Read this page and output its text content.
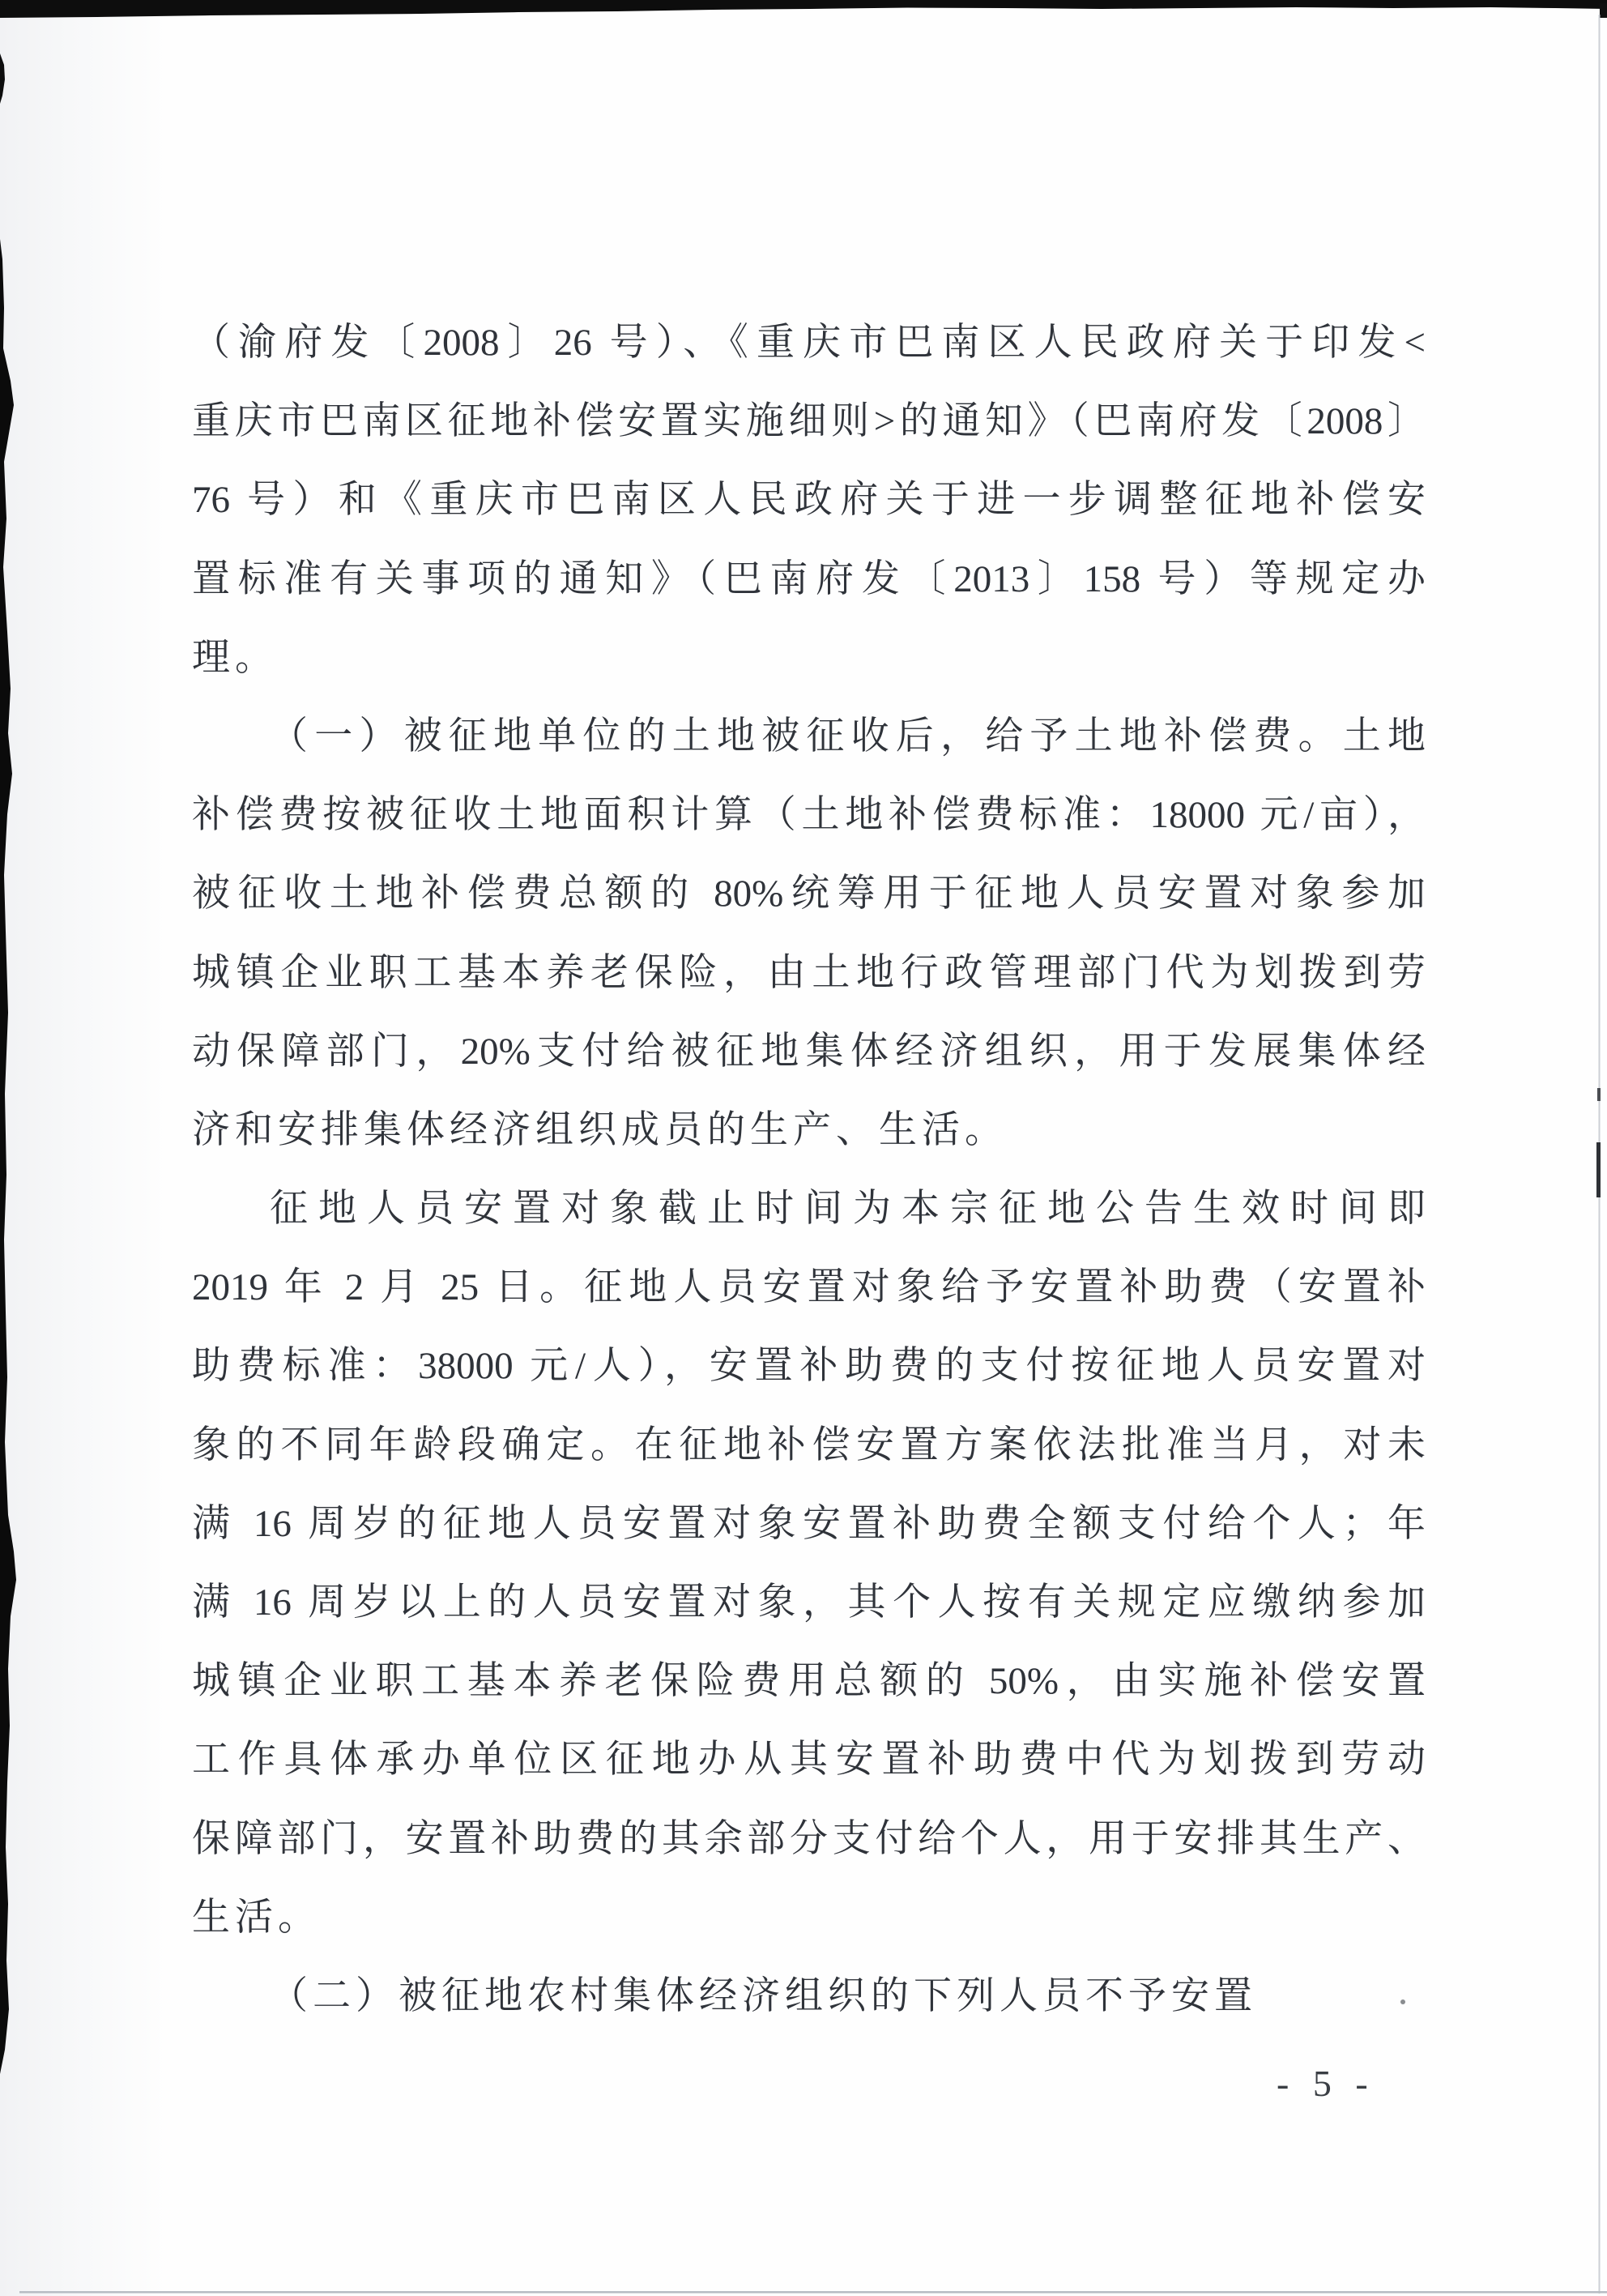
（渝府发〔2008〕26 号）、《重庆市巴南区人民政府关于印发<
重庆市巴南区征地补偿安置实施细则>的通知》（巴南府发〔2008〕
76 号）和《重庆市巴南区人民政府关于进一步调整征地补偿安
置标准有关事项的通知》（巴南府发〔2013〕158 号）等规定办
理。
（一）被征地单位的土地被征收后，给予土地补偿费。土地
补偿费按被征收土地面积计算（土地补偿费标准：18000 元/亩），
被征收土地补偿费总额的 80%统筹用于征地人员安置对象参加
城镇企业职工基本养老保险，由土地行政管理部门代为划拨到劳
动保障部门，20%支付给被征地集体经济组织，用于发展集体经
济和安排集体经济组织成员的生产、生活。
征地人员安置对象截止时间为本宗征地公告生效时间即
2019 年 2 月 25 日。征地人员安置对象给予安置补助费（安置补
助费标准：38000 元/人），安置补助费的支付按征地人员安置对
象的不同年龄段确定。在征地补偿安置方案依法批准当月，对未
满 16 周岁的征地人员安置对象安置补助费全额支付给个人；年
满 16 周岁以上的人员安置对象，其个人按有关规定应缴纳参加
城镇企业职工基本养老保险费用总额的 50%，由实施补偿安置
工作具体承办单位区征地办从其安置补助费中代为划拨到劳动
保障部门，安置补助费的其余部分支付给个人，用于安排其生产、
生活。
（二）被征地农村集体经济组织的下列人员不予安置
- 5 -
